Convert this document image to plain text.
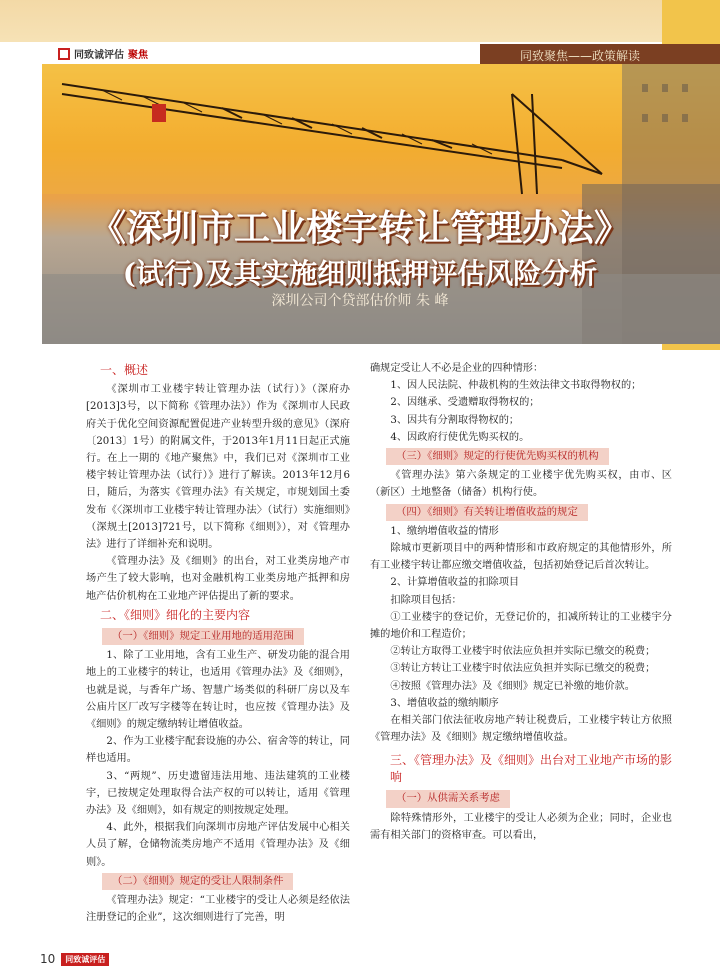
同致诚评估 聚焦	同致聚焦——政策解读
《深圳市工业楼宇转让管理办法》
(试行)及其实施细则抵押评估风险分析
深圳公司个贷部估价师 朱 峰
一、概述

《深圳市工业楼宇转让管理办法（试行）》（深府办[2013]3号，以下简称《管理办法》）作为《深圳市人民政府关于优化空间资源配置促进产业转型升级的意见》（深府〔2013〕1号）的附属文件，于2013年1月11日起正式施行。在上一期的《地产聚焦》中，我们已对《深圳市工业楼宇转让管理办法（试行）》进行了解读。2013年12月6日，随后，为落实《管理办法》有关规定，市规划国土委发布《〈深圳市工业楼宇转让管理办法〉（试行）实施细则》（深规土[2013]721号，以下简称《细则》），对《管理办法》进行了详细补充和说明。

《管理办法》及《细则》的出台，对工业类房地产市场产生了较大影响，也对金融机构工业类房地产抵押和房地产估价机构在工业地产评估提出了新的要求。

二、《细则》细化的主要内容
（一）《细则》规定工业用地的适用范围

1、除了工业用地，含有工业生产、研发功能的混合用地上的工业楼宇的转让，也适用《管理办法》及《细则》，也就是说，与香年广场、智慧广场类似的科研厂房以及车公庙片区厂改写字楼等在转让时，也应按《管理办法》及《细则》的规定缴纳转让增值收益。

2、作为工业楼宇配套设施的办公、宿舍等的转让，同样也适用。

3、“两规”、历史遗留违法用地、违法建筑的工业楼宇，已按规定处理取得合法产权的可以转让，适用《管理办法》及《细则》，如有规定的则按规定处理。

4、此外，根据我们向深圳市房地产评估发展中心相关人员了解，仓储物流类房地产不适用《管理办法》及《细则》。

（二）《细则》规定的受让人限制条件

《管理办法》规定：“工业楼宇的受让人必须是经依法注册登记的企业”，这次细则进行了完善，明

确规定受让人不必是企业的四种情形：

1、因人民法院、仲裁机构的生效法律文书取得物权的；

2、因继承、受遗赠取得物权的；

3、因共有分割取得物权的；

4、因政府行使优先购买权的。

（三）《细则》规定的行使优先购买权的机构

《管理办法》第六条规定的工业楼宇优先购买权，由市、区（新区）土地整备（储备）机构行使。

（四）《细则》有关转让增值收益的规定

1、缴纳增值收益的情形

除城市更新项目中的两种情形和市政府规定的其他情形外，所有工业楼宇转让都应缴交增值收益，包括初始登记后首次转让。

2、计算增值收益的扣除项目

扣除项目包括：

①工业楼宇的登记价，无登记价的，扣减所转让的工业楼宇分摊的地价和工程造价；

②转让方取得工业楼宇时依法应负担并实际已缴交的税费；

③转让方转让工业楼宇时依法应负担并实际已缴交的税费；

④按照《管理办法》及《细则》规定已补缴的地价款。

3、增值收益的缴纳顺序

在相关部门依法征收房地产转让税费后，工业楼宇转让方依照《管理办法》及《细则》规定缴纳增值收益。

三、《管理办法》及《细则》出台对工业地产市场的影响
（一）从供需关系考虑

除特殊情形外，工业楼宇的受让人必须为企业；同时，企业也需有相关部门的资格审查。可以看出，

10	同致诚评估
